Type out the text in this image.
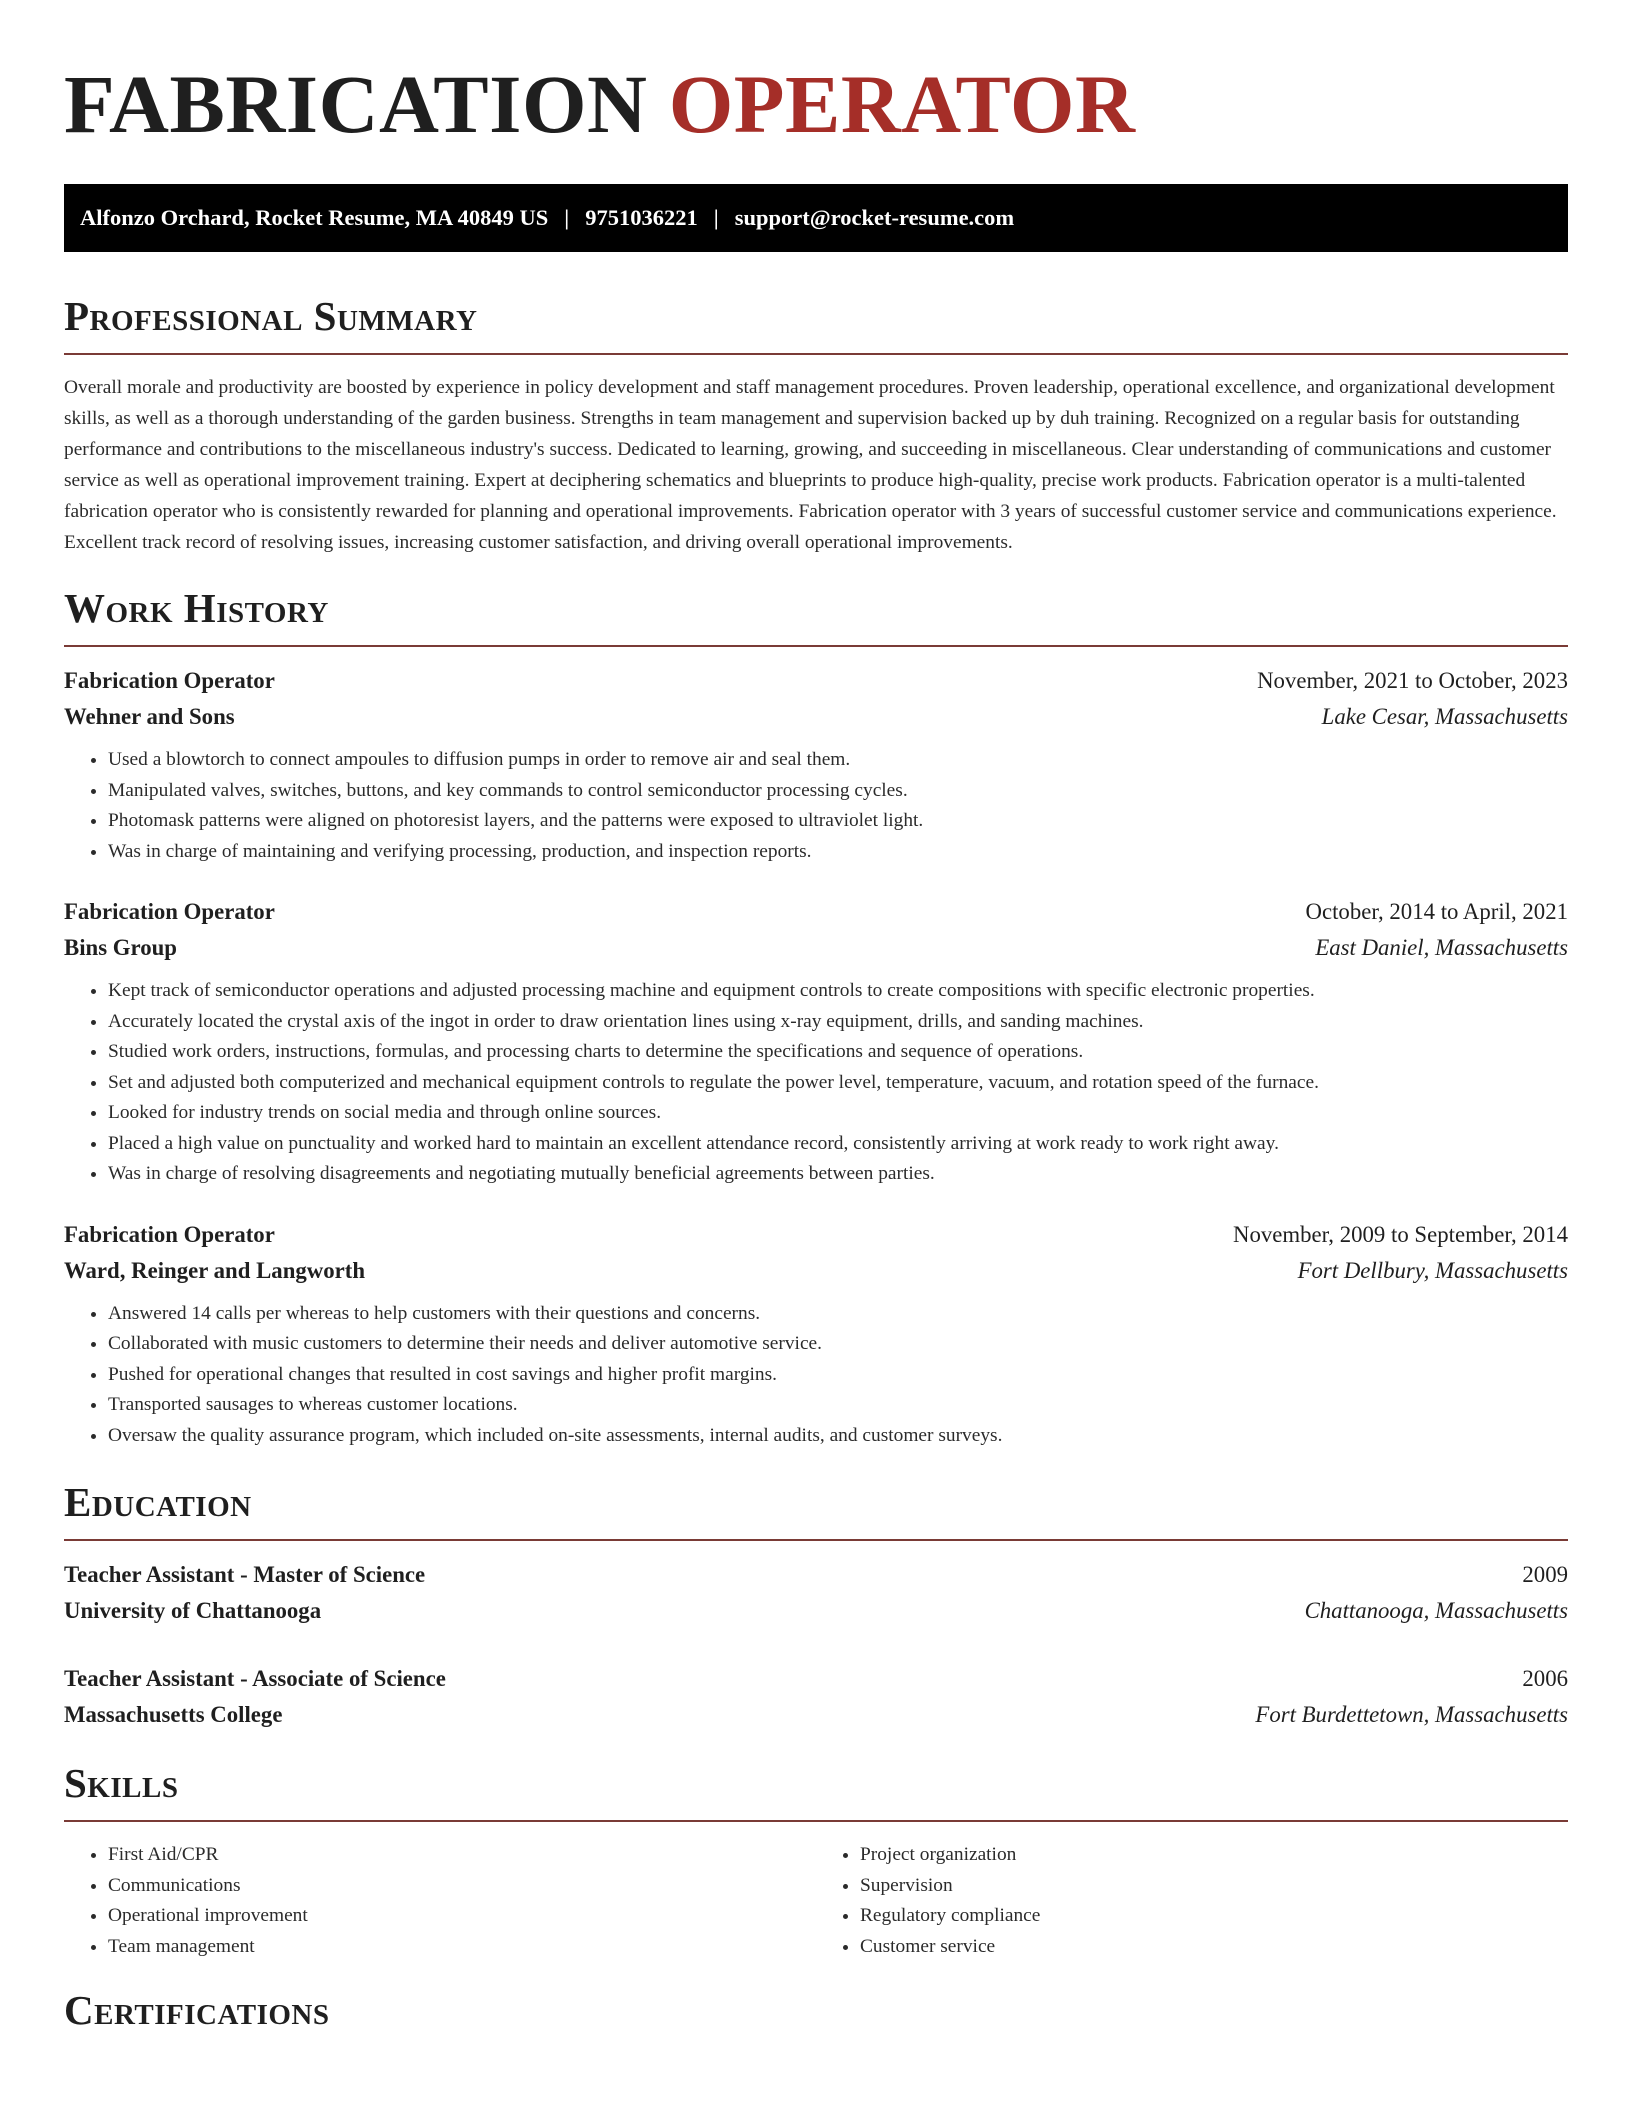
FABRICATION OPERATOR
Alfonzo Orchard, Rocket Resume, MA 40849 US | 9751036221 | support@rocket-resume.com
Professional Summary
Overall morale and productivity are boosted by experience in policy development and staff management procedures. Proven leadership, operational excellence, and organizational development skills, as well as a thorough understanding of the garden business. Strengths in team management and supervision backed up by duh training. Recognized on a regular basis for outstanding performance and contributions to the miscellaneous industry's success. Dedicated to learning, growing, and succeeding in miscellaneous. Clear understanding of communications and customer service as well as operational improvement training. Expert at deciphering schematics and blueprints to produce high-quality, precise work products. Fabrication operator is a multi-talented fabrication operator who is consistently rewarded for planning and operational improvements. Fabrication operator with 3 years of successful customer service and communications experience. Excellent track record of resolving issues, increasing customer satisfaction, and driving overall operational improvements.
Work History
Fabrication Operator	November, 2021 to October, 2023
Wehner and Sons	Lake Cesar, Massachusetts
• Used a blowtorch to connect ampoules to diffusion pumps in order to remove air and seal them.
• Manipulated valves, switches, buttons, and key commands to control semiconductor processing cycles.
• Photomask patterns were aligned on photoresist layers, and the patterns were exposed to ultraviolet light.
• Was in charge of maintaining and verifying processing, production, and inspection reports.
Fabrication Operator	October, 2014 to April, 2021
Bins Group	East Daniel, Massachusetts
• Kept track of semiconductor operations and adjusted processing machine and equipment controls to create compositions with specific electronic properties.
• Accurately located the crystal axis of the ingot in order to draw orientation lines using x-ray equipment, drills, and sanding machines.
• Studied work orders, instructions, formulas, and processing charts to determine the specifications and sequence of operations.
• Set and adjusted both computerized and mechanical equipment controls to regulate the power level, temperature, vacuum, and rotation speed of the furnace.
• Looked for industry trends on social media and through online sources.
• Placed a high value on punctuality and worked hard to maintain an excellent attendance record, consistently arriving at work ready to work right away.
• Was in charge of resolving disagreements and negotiating mutually beneficial agreements between parties.
Fabrication Operator	November, 2009 to September, 2014
Ward, Reinger and Langworth	Fort Dellbury, Massachusetts
• Answered 14 calls per whereas to help customers with their questions and concerns.
• Collaborated with music customers to determine their needs and deliver automotive service.
• Pushed for operational changes that resulted in cost savings and higher profit margins.
• Transported sausages to whereas customer locations.
• Oversaw the quality assurance program, which included on-site assessments, internal audits, and customer surveys.
Education
Teacher Assistant - Master of Science	2009
University of Chattanooga	Chattanooga, Massachusetts
Teacher Assistant - Associate of Science	2006
Massachusetts College	Fort Burdettetown, Massachusetts
Skills
• First Aid/CPR
• Communications
• Operational improvement
• Team management
• Project organization
• Supervision
• Regulatory compliance
• Customer service
Certifications
